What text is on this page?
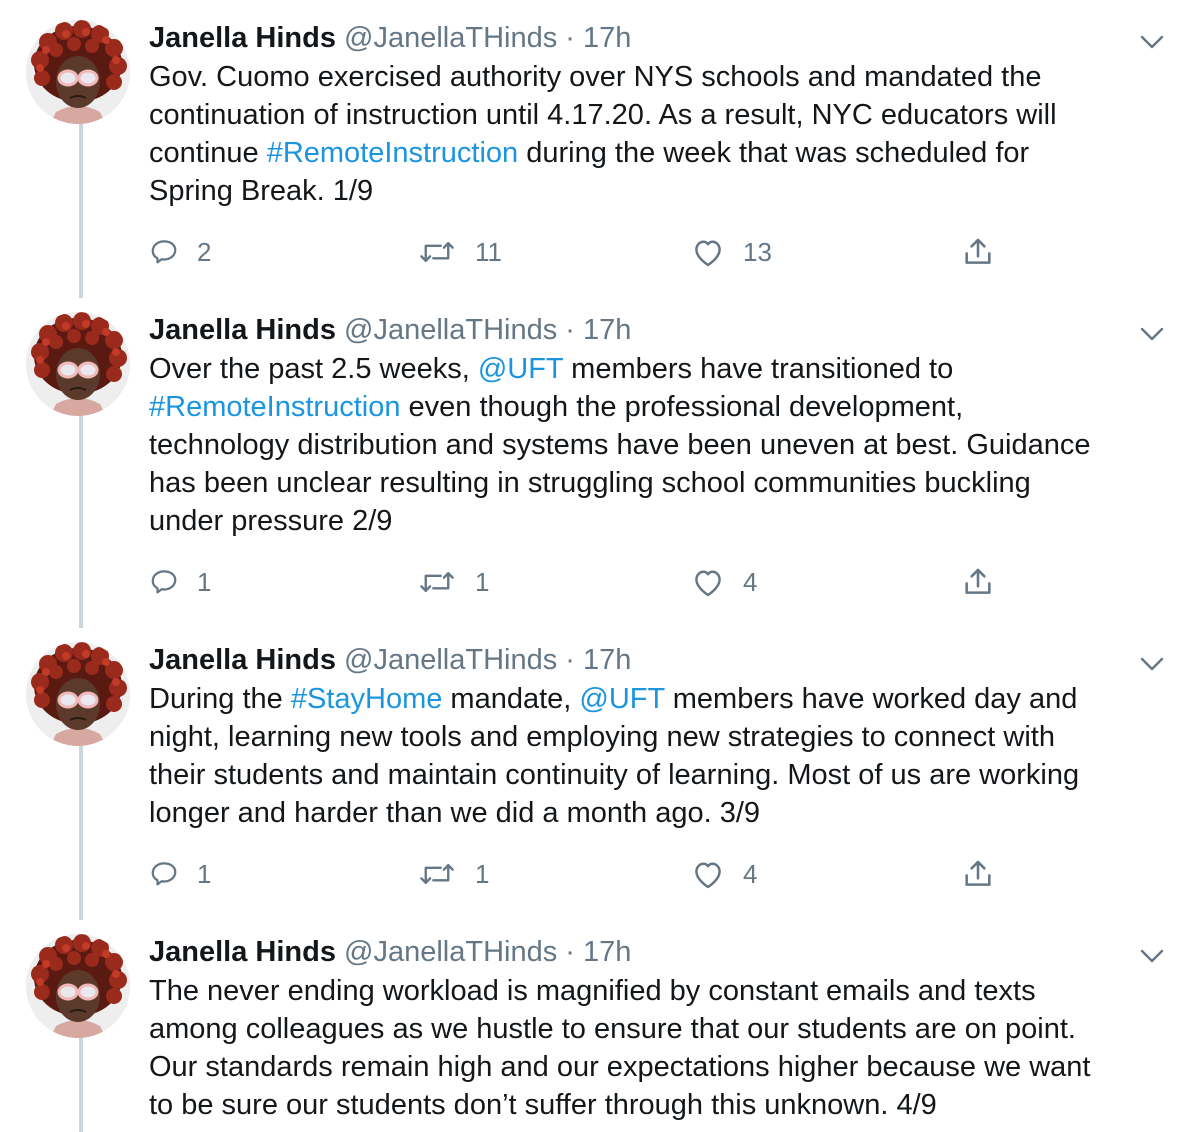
Janella Hinds @JanellaTHinds · 17h
Gov. Cuomo exercised authority over NYS schools and mandated the
continuation of instruction until 4.17.20. As a result, NYC educators will
continue #RemoteInstruction during the week that was scheduled for
Spring Break. 1/9
2	11	13
Janella Hinds @JanellaTHinds · 17h
Over the past 2.5 weeks, @UFT members have transitioned to
#RemoteInstruction even though the professional development,
technology distribution and systems have been uneven at best. Guidance
has been unclear resulting in struggling school communities buckling
under pressure 2/9
1	1	4
Janella Hinds @JanellaTHinds · 17h
During the #StayHome mandate, @UFT members have worked day and
night, learning new tools and employing new strategies to connect with
their students and maintain continuity of learning. Most of us are working
longer and harder than we did a month ago. 3/9
1	1	4
Janella Hinds @JanellaTHinds · 17h
The never ending workload is magnified by constant emails and texts
among colleagues as we hustle to ensure that our students are on point.
Our standards remain high and our expectations higher because we want
to be sure our students don’t suffer through this unknown. 4/9
